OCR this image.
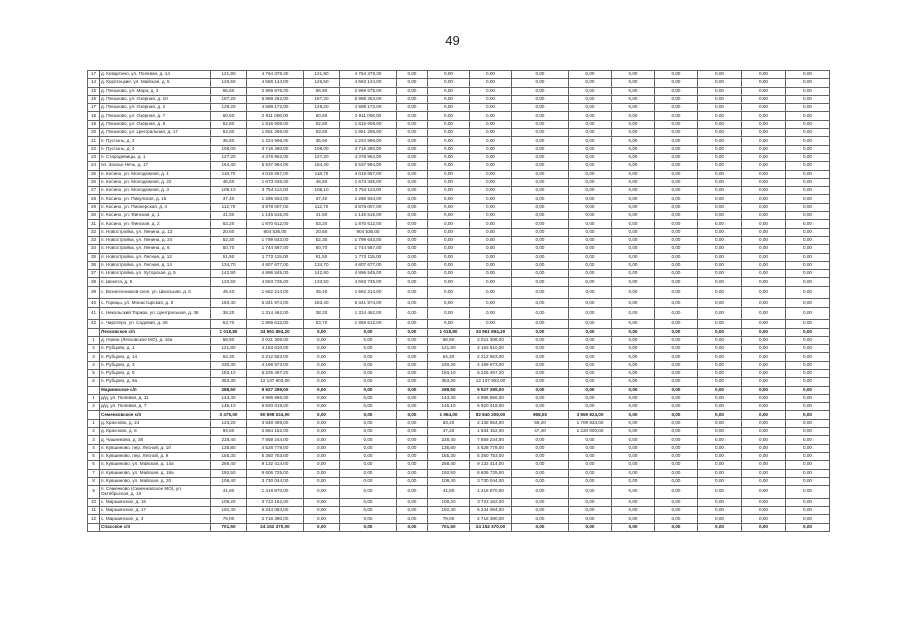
49
17	д. Ковартино, ул. Полевая, д. 14	121,90	4 764 379,30	121,90	4 764 379,30	0,00	0,00	0,00	0,00	0,00	0,00	0,00	0,00	0,00	0,00
14	д. Коротецкие, ул. Майская, д. 5	126,50	4 568 144,00	126,50	4 563 144,00	0,00	0,00	0,00	0,00	0,00	0,00	0,00	0,00	0,00	0,00
15	д. Пеньково, ул. Мира, д. 2	66,60	2 969 676,00	66,60	2 969 676,00	0,00	0,00	0,00	0,00	0,00	0,00	0,00	0,00	0,00	0,00
16	д. Пеньково, ул. Озерная, д. 10	167,20	5 988 252,00	167,20	5 988 252,00	0,00	0,00	0,00	0,00	0,00	0,00	0,00	0,00	0,00	0,00
17	д. Пеньково, ул. Озерная, д. 2	128,20	4 598 172,00	128,20	4 598 172,00	0,00	0,00	0,00	0,00	0,00	0,00	0,00	0,00	0,00	0,00
18	д. Пеньково, ул. Озерная, д. 7	60,60	2 911 008,00	60,60	2 911 008,00	0,00	0,00	0,00	0,00	0,00	0,00	0,00	0,00	0,00	0,00
19	д. Пеньково, ул. Озерная, д. 8	52,80	1 816 608,00	52,80	1 816 608,00	0,00	0,00	0,00	0,00	0,00	0,00	0,00	0,00	0,00	0,00
20	д. Пеньково, ул. Центральная, д. 17	53,80	1 851 256,00	53,80	1 851 256,00	0,00	0,00	0,00	0,00	0,00	0,00	0,00	0,00	0,00	0,00
21	п. Пустынь, д. 2	35,60	1 224 996,00	35,60	1 224 996,00	0,00	0,00	0,00	0,00	0,00	0,00	0,00	0,00	0,00	0,00
22	п. Пустынь, д. 4	108,00	3 716 280,00	108,00	3 716 280,00	0,00	0,00	0,00	0,00	0,00	0,00	0,00	0,00	0,00	0,00
23	п. Стародевицы, д. 1	127,20	4 378 952,00	127,20	4 378 952,00	0,00	0,00	0,00	0,00	0,00	0,00	0,00	0,00	0,00	0,00
24	пп. Заозье Нечь, д. 17	164,40	5 537 994,00	164,40	5 537 994,00	0,00	0,00	0,00	0,00	0,00	0,00	0,00	0,00	0,00	0,00
25	п. Косино, ул. Молодежная, д. 1	118,70	4 015 657,00	118,70	4 015 657,00	0,00	0,00	0,00	0,00	0,00	0,00	0,00	0,00	0,00	0,00
26	п. Косино, ул. Молодежная, д. 22	46,60	1 673 336,00	46,60	1 673 336,00	0,00	0,00	0,00	0,00	0,00	0,00	0,00	0,00	0,00	0,00
27	п. Косино, ул. Молодежная, д. 3	108,10	3 754 113,00	108,10	3 754 113,00	0,00	0,00	0,00	0,00	0,00	0,00	0,00	0,00	0,00	0,00
28	п. Косино, ул. Пикулская, д. 15	37,40	1 286 934,00	37,40	1 286 934,00	0,00	0,00	0,00	0,00	0,00	0,00	0,00	0,00	0,00	0,00
29	п. Косино, ул. Пионерская, д. 4	112,70	3 878 007,00	112,70	3 878 007,00	0,00	0,00	0,00	0,00	0,00	0,00	0,00	0,00	0,00	0,00
30	п. Косино, ул. Финская, д. 1	41,50	1 146 515,00	41,50	1 146 515,00	0,00	0,00	0,00	0,00	0,00	0,00	0,00	0,00	0,00	0,00
31	п. Косино, ул. Финская, д. 2	53,20	1 870 612,00	53,20	1 870 612,00	0,00	0,00	0,00	0,00	0,00	0,00	0,00	0,00	0,00	0,00
32	п. Новостройка, ул. Ленина, д. 13	20,60	904 536,00	20,60	904 536,00	0,00	0,00	0,00	0,00	0,00	0,00	0,00	0,00	0,00	0,00
33	п. Новостройка, ул. Ленина, д. 24	52,30	1 799 643,00	52,30	1 799 643,00	0,00	0,00	0,00	0,00	0,00	0,00	0,00	0,00	0,00	0,00
34	п. Новостройка, ул. Ленина, д. 6	50,70	1 744 587,00	50,70	1 744 587,00	0,00	0,00	0,00	0,00	0,00	0,00	0,00	0,00	0,00	0,00
35	п. Новостройка, ул. Лесная, д. 12	51,50	1 772 115,00	51,50	1 772 115,00	0,00	0,00	0,00	0,00	0,00	0,00	0,00	0,00	0,00	0,00
36	п. Новостройка, ул. Лесная, д. 14	134,70	4 807 677,00	134,70	4 807 677,00	0,00	0,00	0,00	0,00	0,00	0,00	0,00	0,00	0,00	0,00
37	п. Новостройка, ул. Хуторская, д. 5	142,90	4 896 545,00	142,90	4 896 545,00	0,00	0,00	0,00	0,00	0,00	0,00	0,00	0,00	0,00	0,00
38	п. Шекета, д. 9	133,50	4 593 735,00	133,50	4 593 735,00	0,00	0,00	0,00	0,00	0,00	0,00	0,00	0,00	0,00	0,00
39	с. Вознесенников-ское, ул. Школьная, д. 6	45,40	1 562 214,00	45,40	1 562 214,00	0,00	0,00	0,00	0,00	0,00	0,00	0,00	0,00	0,00	0,00
40	с. Горицы, ул. Монастырская, д. 8	183,40	6 341 974,00	183,40	6 341 974,00	0,00	0,00	0,00	0,00	0,00	0,00	0,00	0,00	0,00	0,00
41	с. Никольский Торжок, ул. Центральная, д. 36	38,20	1 314 462,00	38,20	1 314 462,00	0,00	0,00	0,00	0,00	0,00	0,00	0,00	0,00	0,00	0,00
42	с. Чиротеро, ул. Садовая, д. 25	53,70	1 859 612,00	53,70	1 859 612,00	0,00	0,00	0,00	0,00	0,00	0,00	0,00	0,00	0,00	0,00
	Лесковское с/п	1 018,80	34 961 894,20	0,00	0,00	0,00	1 018,80	34 961 894,20	0,00	0,00	0,00	0,00	0,00	0,00	0,00
1	д. Новое (Лесковское МО), д. 16а	58,90	2 021 308,00	0,00	0,00	0,00	58,90	2 021 308,00	0,00	0,00	0,00	0,00	0,00	0,00	0,00
2	п. Рубцово, д. 1	121,80	4 163 610,00	0,00	0,00	0,00	121,80	4 163 610,00	0,00	0,00	0,00	0,00	0,00	0,00	0,00
3	п. Рубцово, д. 14	64,30	2 212 563,00	0,00	0,00	0,00	64,30	2 212 563,00	0,00	0,00	0,00	0,00	0,00	0,00	0,00
4	п. Рубцово, д. 3	230,30	4 199 973,00	0,00	0,00	0,00	230,30	4 199 973,00	0,00	0,00	0,00	0,00	0,00	0,00	0,00
5	п. Рубцово, д. 5	183,10	6 225 457,20	0,00	0,00	0,00	183,10	6 225 457,20	0,00	0,00	0,00	0,00	0,00	0,00	0,00
6	п. Рубцово, д. 6а	353,30	12 137 903,00	0,00	0,00	0,00	353,30	12 137 903,00	0,00	0,00	0,00	0,00	0,00	0,00	0,00
	Мариинское с/п	288,50	9 927 285,00	0,00	0,00	0,00	288,50	9 927 285,00	0,00	0,00	0,00	0,00	0,00	0,00	0,00
1	д/д, ул. Полевая, д. 11	143,40	4 996 866,00	0,00	0,00	0,00	143,40	4 996 866,00	0,00	0,00	0,00	0,00	0,00	0,00	0,00
2	д/д, ул. Полевая, д. 7	145,10	5 920 419,00	0,00	0,00	0,00	145,10	5 920 419,00	0,00	0,00	0,00	0,00	0,00	0,00	0,00
	Семенковское с/п	3 475,00	80 898 034,00	0,00	0,00	0,00	1 964,00	82 840 208,00	968,50	3 869 824,00	0,00	0,00	0,00	0,00	0,00
1	д. Красново, д. 24	123,20	3 848 499,00	0,00	0,00	0,00	63,40	2 138 654,00	59,20	1 709 834,00	0,00	0,00	0,00	0,00	0,00
2	д. Красново, д. 8	94,60	2 864 152,00	0,00	0,00	0,00	47,20	1 634 152,00	47,40	1 220 000,00	0,00	0,00	0,00	0,00	0,00
3	д. Чашниково, д. 38	228,40	7 859 244,00	0,00	0,00	0,00	228,40	7 859 244,00	0,00	0,00	0,00	0,00	0,00	0,00	0,00
4	п. Кувшиново, пер. Лесной, д. 10	135,80	4 528 778,00	0,00	0,00	0,00	135,80	4 528 778,00	0,00	0,00	0,00	0,00	0,00	0,00	0,00
5	п. Кувшиново, пер. Лесной, д. 9	155,30	5 350 753,00	0,00	0,00	0,00	155,30	5 350 753,00	0,00	0,00	0,00	0,00	0,00	0,00	0,00
6	п. Кувшиново, ул. Майская, д. 14а	268,40	9 132 414,00	0,00	0,00	0,00	268,40	9 132 414,00	0,00	0,00	0,00	0,00	0,00	0,00	0,00
7	п. Кувшиново, ул. Майская, д. 18а	192,50	6 606 725,00	0,00	0,00	0,00	192,50	6 606 725,00	0,00	0,00	0,00	0,00	0,00	0,00	0,00
8	п. Кувшиново, ул. Майская, д. 20	108,40	3 730 044,00	0,00	0,00	0,00	108,40	3 730 044,00	0,00	0,00	0,00	0,00	0,00	0,00	0,00
9	п. Семенково (Семенковское МО), ул. Октябрьская, д. 10	41,80	1 418 870,00	0,00	0,00	0,00	41,80	1 418 870,00	0,00	0,00	0,00	0,00	0,00	0,00	0,00
10	с. Маршинское, д. 15	108,20	3 723 162,00	0,00	0,00	0,00	108,20	3 723 162,00	0,00	0,00	0,00	0,00	0,00	0,00	0,00
11	с. Маршинское, д. 17	192,40	5 244 084,00	0,00	0,00	0,00	192,40	5 244 084,00	0,00	0,00	0,00	0,00	0,00	0,00	0,00
12	с. Маршинское, д. 3	79,00	2 718 390,00	0,00	0,00	0,00	79,00	2 718 390,00	0,00	0,00	0,00	0,00	0,00	0,00	0,00
	Спасское с/п	701,50	24 152 370,00	0,00	0,00	0,00	701,50	24 152 370,00	0,00	0,00	0,00	0,00	0,00	0,00	0,00
